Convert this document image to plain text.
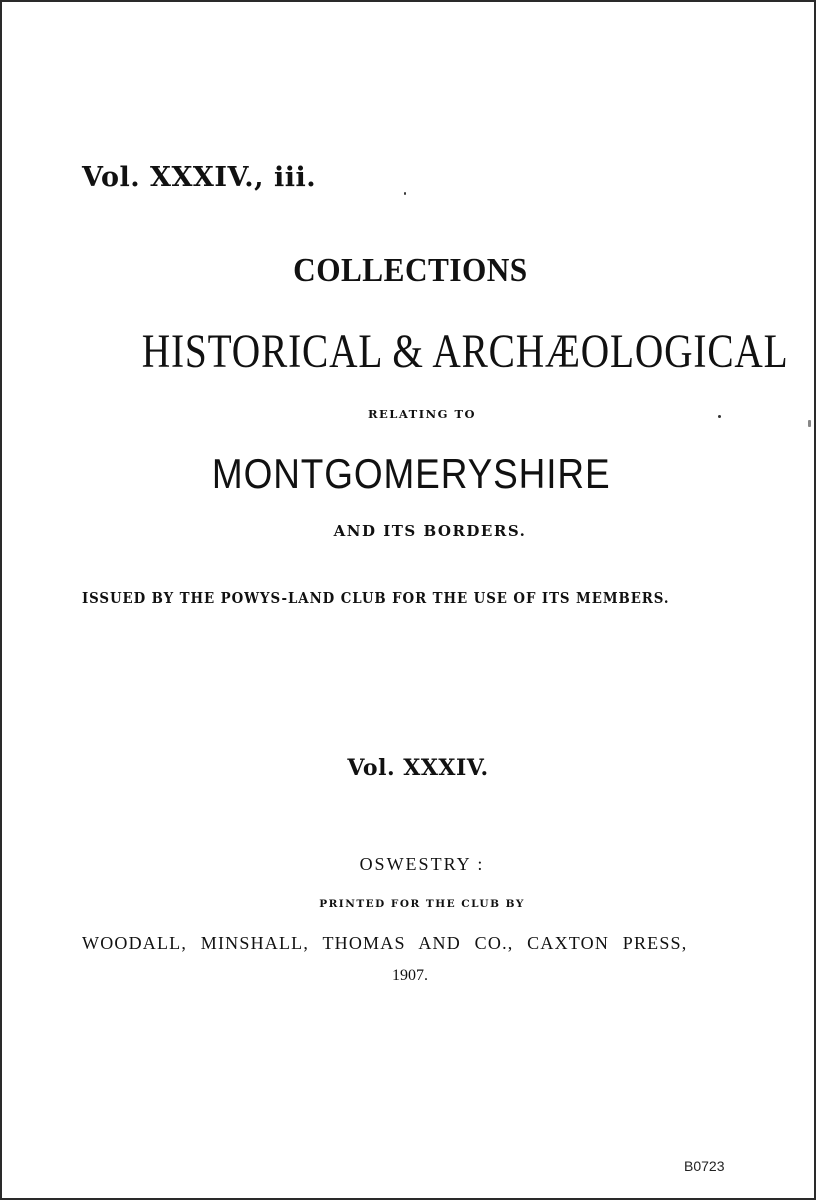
Vol. XXXIV., iii.
COLLECTIONS
HISTORICAL & ARCHÆOLOGICAL
RELATING TO
MONTGOMERYSHIRE
AND ITS BORDERS.
ISSUED BY THE POWYS-LAND CLUB FOR THE USE OF ITS MEMBERS.
Vol. XXXIV.
OSWESTRY :
PRINTED FOR THE CLUB BY
WOODALL, MINSHALL, THOMAS AND CO., CAXTON PRESS,
1907.
B0723
